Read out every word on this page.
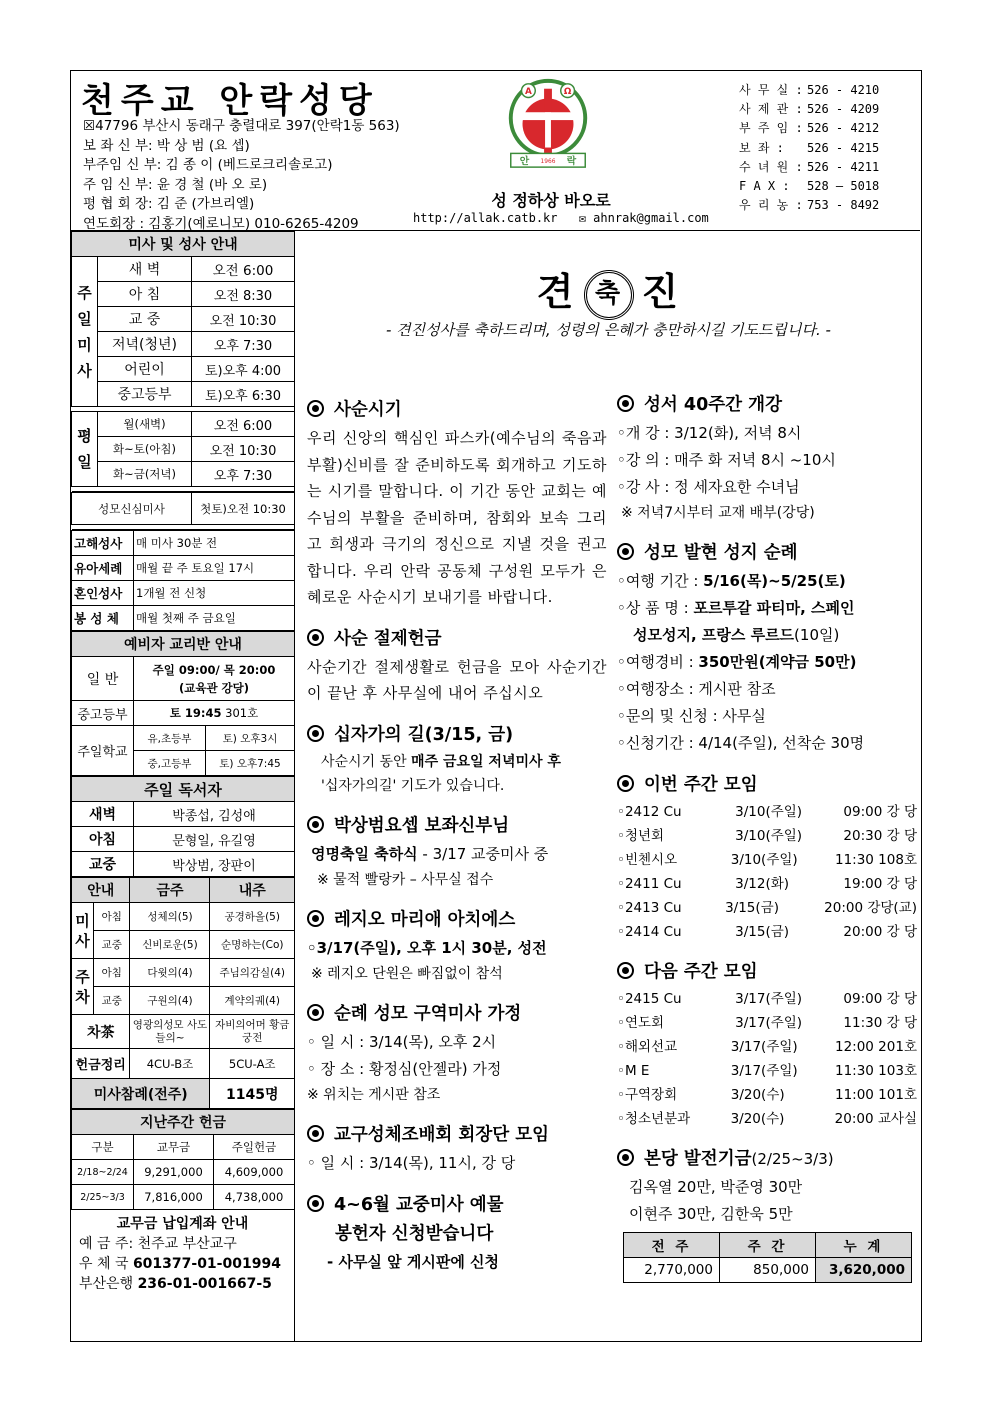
천주교 안락성당
☒47796 부산시 동래구 충렬대로 397(안락1동 563)
보 좌 신 부: 박 상 범 (요 셉)
부주임 신 부: 김 종 이 (베드로크리솔로고)
주 임 신 부: 윤 경 철 (바 오 로)
평 협 회 장: 김 준 (가브리엘)
연도회장 : 김홍기(예로니모) 010-6265-4209
A	Ω
안 1966 락
성 정하상 바오로
http://allak.catb.kr ✉ ahnrak@gmail.com
사 무 실 : 526 - 4210
사 제 관 : 526 - 4209
부 주 임 : 526 - 4212
보 좌 :	526 - 4215
수 녀 원 : 526 - 4211
F A X :	528 – 5018
우 리 농 : 753 - 8492
미사 및 성사 안내		
주
일
미
사	새 벽	오전 6:00
	아 침	오전 8:30
	교 중	오전 10:30
	저녁(청년)	오후 7:30
	어린이	토)오후 4:00
	중고등부	토)오후 6:30

평
일	월(새벽)	오전 6:00
	화~토(아침)	오전 10:30
	화~금(저녁)	오후 7:30

성모신심미사	첫토)오전 10:30

고해성사	매 미사 30분 전
유아세례	매월 끝 주 토요일 17시
혼인성사	1개월 전 신청
봉 성 체	매월 첫째 주 금요일
예비자 교리반 안내		
일 반	주일 09:00/ 목 20:00
(교육관 강당)	
중고등부	토 19:45 301호	
주일학교	유,초등부	토) 오후3시
	중,고등부	토) 오후7:45
주일 독서자	
새벽	박종섭, 김성애
아침	문형일, 유길영
교중	박상범, 장판이
안내		금주	내주
미
사	아침	성체의(5)	공경하올(5)
	교중	신비로운(5)	순명하는(Co)
주
차	아침	다윗의(4)	주님의감실(4)
	교중	구원의(4)	계약의궤(4)
차茶		영광의성모 사도들의~	자비의어머 황금궁전
헌금정리		4CU-B조	5CU-A조
미사참례(전주)			1145명
지난주간 헌금		
구분	교무금	주일헌금
2/18~2/24	9,291,000	4,609,000
2/25~3/3	7,816,000	4,738,000
교무금 납입계좌 안내
예 금 주: 천주교 부산교구
우 체 국 601377-01-001994
부산은행 236-01-001667-5
견 축 진
- 견진성사를 축하드리며, 성령의 은혜가 충만하시길 기도드립니다. -
사순시기
우리 신앙의 핵심인 파스카(예수님의 죽음과 부활)신비를 잘 준비하도록 회개하고 기도하는 시기를 말합니다. 이 기간 동안 교회는 예수님의 부활을 준비하며, 참회와 보속 그리고 희생과 극기의 정신으로 지낼 것을 권고합니다. 우리 안락 공동체 구성원 모두가 은혜로운 사순시기 보내기를 바랍니다.
사순 절제헌금
사순기간 절제생활로 헌금을 모아 사순기간이 끝난 후 사무실에 내어 주십시오
십자가의 길(3/15, 금)
사순시기 동안 매주 금요일 저녁미사 후
'십자가의길' 기도가 있습니다.
박상범요셉 보좌신부님
영명축일 축하식 - 3/17 교중미사 중
※ 물적 빨랑카 – 사무실 접수
레지오 마리애 아치에스
◦3/17(주일), 오후 1시 30분, 성전
※ 레지오 단원은 빠짐없이 참석
순례 성모 구역미사 가정
◦ 일 시 : 3/14(목), 오후 2시
◦ 장 소 : 황정심(안젤라) 가정
※ 위치는 게시판 참조
교구성체조배회 회장단 모임
◦ 일 시 : 3/14(목), 11시, 강 당
4~6월 교중미사 예물
봉헌자 신청받습니다
- 사무실 앞 게시판에 신청
성서 40주간 개강
◦개 강 : 3/12(화), 저녁 8시
◦강 의 : 매주 화 저녁 8시 ~10시
◦강 사 : 정 세자요한 수녀님
※ 저녁7시부터 교재 배부(강당)
성모 발현 성지 순례
◦여행 기간 : 5/16(목)~5/25(토)
◦상 품 명 : 포르투갈 파티마, 스페인
성모성지, 프랑스 루르드(10일)
◦여행경비 : 350만원(계약금 50만)
◦여행장소 : 게시판 참조
◦문의 및 신청 : 사무실
◦신청기간 : 4/14(주일), 선착순 30명
이번 주간 모임
◦2412 Cu	3/10(주일)	09:00 강 당
◦청년회	3/10(주일)	20:30 강 당
◦빈첸시오	3/10(주일)	11:30 108호
◦2411 Cu	3/12(화)	19:00 강 당
◦2413 Cu	3/15(금)	20:00 강당(교)
◦2414 Cu	3/15(금)	20:00 강 당
다음 주간 모임
◦2415 Cu	3/17(주일)	09:00 강 당
◦연도회	3/17(주일)	11:30 강 당
◦해외선교	3/17(주일)	12:00 201호
◦M E	3/17(주일)	11:30 103호
◦구역장회	3/20(수)	11:00 101호
◦청소년분과	3/20(수)	20:00 교사실
본당 발전기금(2/25~3/3)
김옥열 20만, 박준영 30만
이현주 30만, 김한욱 5만
전 주	주 간	누 계
2,770,000	850,000	3,620,000
